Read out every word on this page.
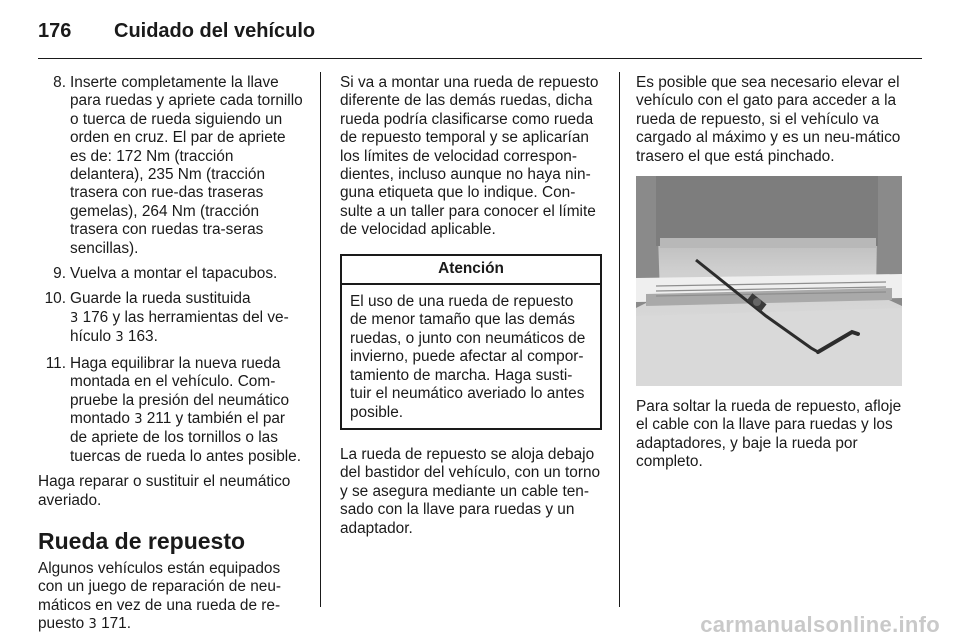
176	Cuidado del vehículo
8. Inserte completamente la llave para ruedas y apriete cada tornillo o tuerca de rueda siguiendo un orden en cruz. El par de apriete es de: 172 Nm (tracción delantera), 235 Nm (tracción trasera con rue-das traseras gemelas), 264 Nm (tracción trasera con ruedas tra-seras sencillas).
9. Vuelva a montar el tapacubos.
10. Guarde la rueda sustituida
3 176 y las herramientas del ve-hículo 3 163.
11. Haga equilibrar la nueva rueda montada en el vehículo. Com-pruebe la presión del neumático montado 3 211 y también el par de apriete de los tornillos o las tuercas de rueda lo antes posible.

Haga reparar o sustituir el neumático averiado.

Rueda de repuesto

Algunos vehículos están equipados con un juego de reparación de neu-máticos en vez de una rueda de re-puesto 3 171.

Si va a montar una rueda de repuesto diferente de las demás ruedas, dicha rueda podría clasificarse como rueda de repuesto temporal y se aplicarían los límites de velocidad correspon-dientes, incluso aunque no haya nin-guna etiqueta que lo indique. Con-sulte a un taller para conocer el límite de velocidad aplicable.

Atención
El uso de una rueda de repuesto de menor tamaño que las demás ruedas, o junto con neumáticos de invierno, puede afectar al compor-tamiento de marcha. Haga susti-tuir el neumático averiado lo antes posible.

La rueda de repuesto se aloja debajo del bastidor del vehículo, con un torno y se asegura mediante un cable ten-sado con la llave para ruedas y un adaptador.

Es posible que sea necesario elevar el vehículo con el gato para acceder a la rueda de repuesto, si el vehículo va cargado al máximo y es un neu-mático trasero el que está pinchado.

Para soltar la rueda de repuesto, afloje el cable con la llave para ruedas y los adaptadores, y baje la rueda por completo.

carmanualsonline.info
